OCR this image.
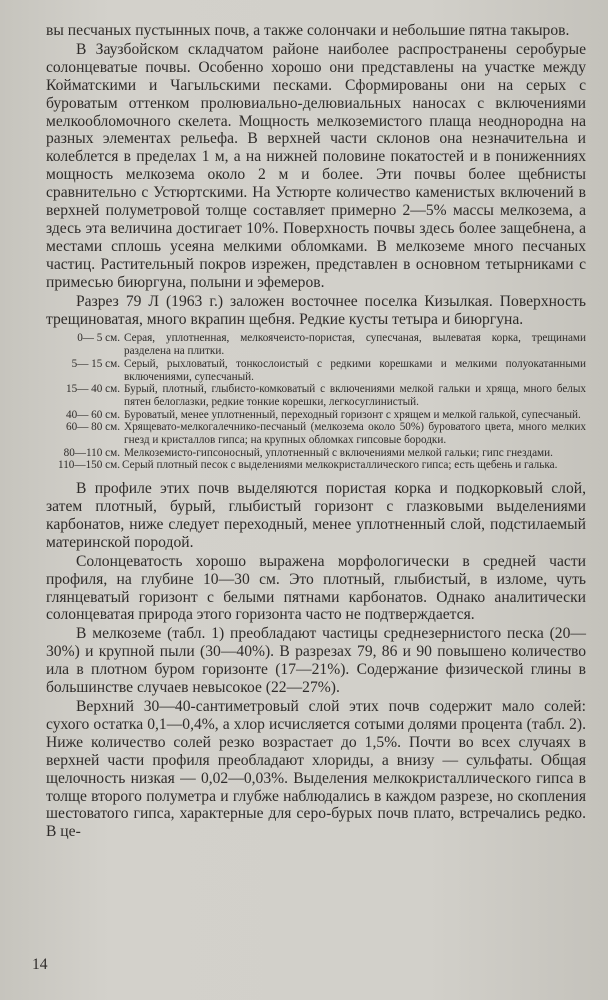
вы песчаных пустынных почв, а также солончаки и небольшие пятна такыров.

В Заузбойском складчатом районе наиболее распространены серобурые солонцеватые почвы. Особенно хорошо они представлены на участке между Койматскими и Чагыльскими песками. Сформированы они на серых с буроватым оттенком пролювиально-делювиальных наносах с включениями мелкообломочного скелета. Мощность мелкоземистого плаща неоднородна на разных элементах рельефа. В верхней части склонов она незначительна и колеблется в пределах 1 м, а на нижней половине покатостей и в пониженниях мощность мелкозема около 2 м и более. Эти почвы более щебнисты сравнительно с Устюртскими. На Устюрте количество каменистых включений в верхней полуметровой толще составляет примерно 2—5% массы мелкозема, а здесь эта величина достигает 10%. Поверхность почвы здесь более защебнена, а местами сплошь усеяна мелкими обломками. В мелкоземе много песчаных частиц. Растительный покров изрежен, представлен в основном тетырниками с примесью биюргуна, полыни и эфемеров.

Разрез 79 Л (1963 г.) заложен восточнее поселка Кизылкая. Поверхность трещиноватая, много вкрапин щебня. Редкие кусты тетыра и биюргуна.

0— 5 см. Серая, уплотненная, мелкоячеисто-пористая, супесчаная, вылеватая корка, трещинами разделена на плитки.
5— 15 см. Серый, рыхловатый, тонкослоистый с редкими корешками и мелкими полуокатанными включениями, супесчаный.
15— 40 см. Бурый, плотный, глыбисто-комковатый с включениями мелкой гальки и хряща, много белых пятен белоглазки, редкие тонкие корешки, легкосуглинистый.
40— 60 см. Буроватый, менее уплотненный, переходный горизонт с хрящем и мелкой галькой, супесчаный.
60— 80 см. Хрящевато-мелкогалечнико-песчаный (мелкозема около 50%) буроватого цвета, много мелких гнезд и кристаллов гипса; на крупных обломках гипсовые бородки.
80—110 см. Мелкоземисто-гипсоносный, уплотненный с включениями мелкой гальки; гипс гнездами.
110—150 см. Серый плотный песок с выделениями мелкокристаллического гипса; есть щебень и галька.

В профиле этих почв выделяются пористая корка и подкорковый слой, затем плотный, бурый, глыбистый горизонт с глазковыми выделениями карбонатов, ниже следует переходный, менее уплотненный слой, подстилаемый материнской породой.

Солонцеватость хорошо выражена морфологически в средней части профиля, на глубине 10—30 см. Это плотный, глыбистый, в изломе, чуть глянцеватый горизонт с белыми пятнами карбонатов. Однако аналитически солонцеватая природа этого горизонта часто не подтверждается.

В мелкоземе (табл. 1) преобладают частицы среднезернистого песка (20—30%) и крупной пыли (30—40%). В разрезах 79, 86 и 90 повышено количество ила в плотном буром горизонте (17—21%). Содержание физической глины в большинстве случаев невысокое (22—27%).

Верхний 30—40-сантиметровый слой этих почв содержит мало солей: сухого остатка 0,1—0,4%, а хлор исчисляется сотыми долями процента (табл. 2). Ниже количество солей резко возрастает до 1,5%. Почти во всех случаях в верхней части профиля преобладают хлориды, а внизу — сульфаты. Общая щелочность низкая — 0,02—0,03%. Выделения мелкокристаллического гипса в толще второго полуметра и глубже наблюдались в каждом разрезе, но скопления шестоватого гипса, характерные для серо-бурых почв плато, встречались редко. В це-

14
